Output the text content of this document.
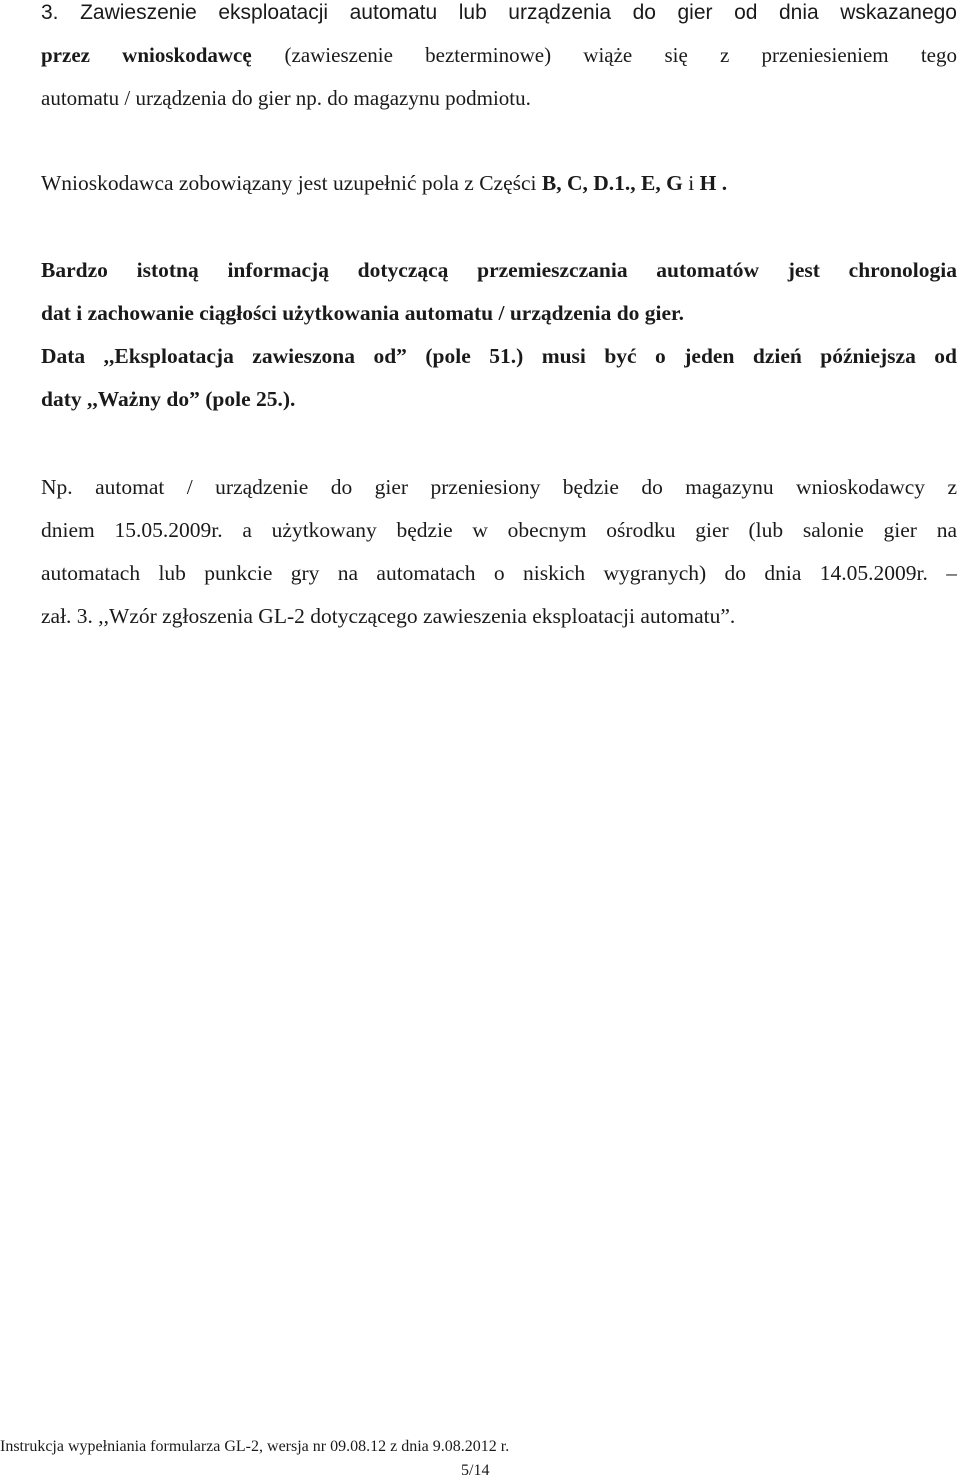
3. Zawieszenie eksploatacji automatu lub urządzenia do gier od dnia wskazanego
przez wnioskodawcę (zawieszenie bezterminowe) wiąże się z przeniesieniem tego
automatu / urządzenia do gier np. do magazynu podmiotu.
Wnioskodawca zobowiązany jest uzupełnić pola z Części B, C, D.1., E, G i H .
Bardzo istotną informacją dotyczącą przemieszczania automatów jest chronologia
dat i zachowanie ciągłości użytkowania automatu / urządzenia do gier.
Data ,,Eksploatacja zawieszona od” (pole 51.) musi być o jeden dzień późniejsza od
daty ,,Ważny do” (pole 25.).
Np. automat / urządzenie do gier przeniesiony będzie do magazynu wnioskodawcy z
dniem 15.05.2009r. a użytkowany będzie w obecnym ośrodku gier (lub salonie gier na
automatach lub punkcie gry na automatach o niskich wygranych) do dnia 14.05.2009r. –
zał. 3. ,,Wzór zgłoszenia GL-2 dotyczącego zawieszenia eksploatacji automatu”.
Instrukcja wypełniania formularza GL-2, wersja nr 09.08.12 z dnia 9.08.2012 r.
5/14
